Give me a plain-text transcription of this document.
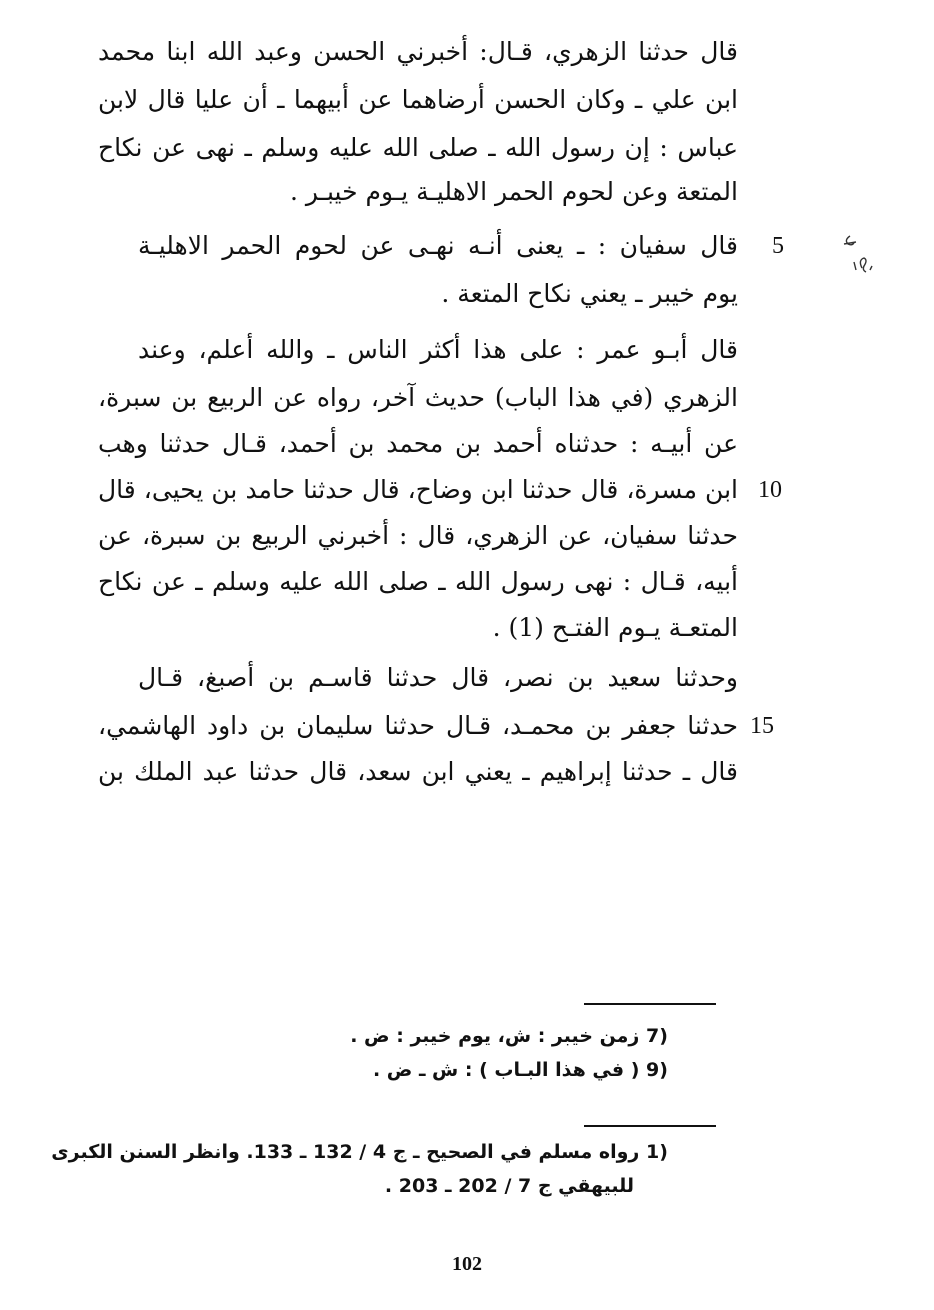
قال حدثنا الزهري، قـال: أخبرني الحسن وعبد الله ابنا محمد
ابن علي ـ وكان الحسن أرضاهما عن أبيهما ـ أن عليا قال لابن
عباس : إن رسول الله ـ صلى الله عليه وسلم ـ نهى عن نكاح
المتعة وعن لحوم الحمر الاهليـة يـوم خيبـر .
قال سفيان : ـ يعنى أنـه نهـى عن لحوم الحمر الاهليـة
يوم خيبر ـ يعني نكاح المتعة .
قال أبـو عمر : على هذا أكثر الناس ـ والله أعلم، وعند
الزهري (في هذا الباب) حديث آخر، رواه عن الربيع بن سبرة،
عن أبيـه : حدثناه أحمد بن محمد بن أحمد، قـال حدثنا وهب
ابن مسرة، قال حدثنا ابن وضاح، قال حدثنا حامد بن يحيى، قال
حدثنا سفيان، عن الزهري، قال : أخبرني الربيع بن سبرة، عن
أبيه، قـال : نهى رسول الله ـ صلى الله عليه وسلم ـ عن نكاح
المتعـة يـوم الفتـح (1) .
وحدثنا سعيد بن نصر، قال حدثنا قاسـم بن أصبغ، قـال
حدثنا جعفر بن محمـد، قـال حدثنا سليمان بن داود الهاشمي،
قال ـ حدثنا إبراهيم ـ يعني ابن سعد، قال حدثنا عبد الملك بن
5
10
15
7) زمن خيبر : ش، يوم خيبر : ض .
9) ( في هذا البـاب ) : ش ـ ض .
1) رواه مسلم في الصحيح ـ ج 4 / 132 ـ 133. وانظر السنن الكبرى
للبيهقي ج 7 / 202 ـ 203 .
102
